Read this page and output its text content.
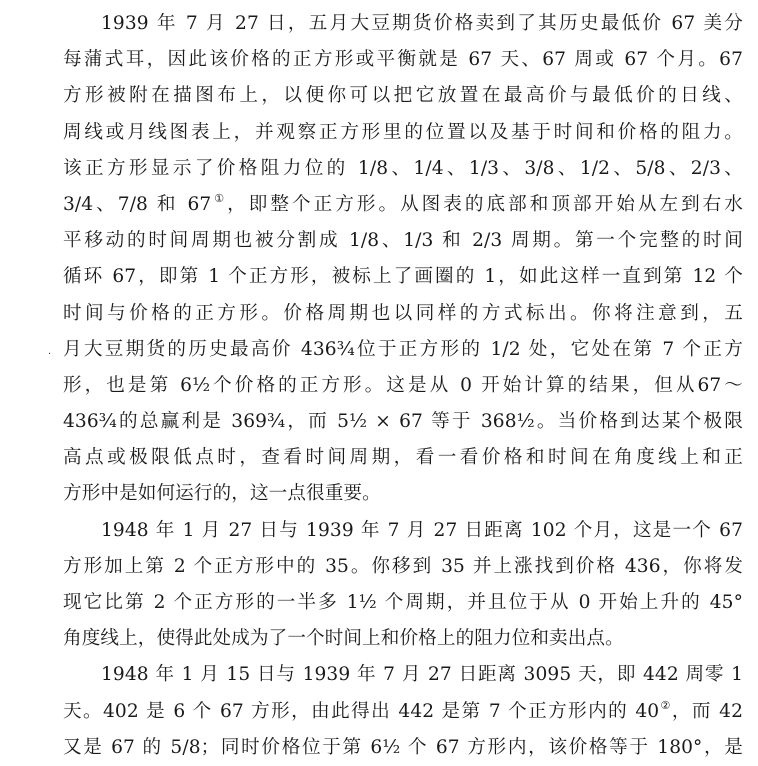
·
1939 年 7 月 27 日，五月大豆期货价格卖到了其历史最低价 67 美分
每蒲式耳，因此该价格的正方形或平衡就是 67 天、67 周或 67 个月。67
方形被附在描图布上，以便你可以把它放置在最高价与最低价的日线、
周线或月线图表上，并观察正方形里的位置以及基于时间和价格的阻力。
该正方形显示了价格阻力位的 1/8、1/4、1/3、3/8、1/2、5/8、2/3、
3/4、7/8 和 67①，即整个正方形。从图表的底部和顶部开始从左到右水
平移动的时间周期也被分割成 1/8、1/3 和 2/3 周期。第一个完整的时间
循环 67，即第 1 个正方形，被标上了画圈的 1，如此这样一直到第 12 个
时间与价格的正方形。价格周期也以同样的方式标出。你将注意到，五
月大豆期货的历史最高价 436¾位于正方形的 1/2 处，它处在第 7 个正方
形，也是第 6½个价格的正方形。这是从 0 开始计算的结果，但从67～
436¾的总赢利是 369¾，而 5½ × 67 等于 368½。当价格到达某个极限
高点或极限低点时，查看时间周期，看一看价格和时间在角度线上和正
方形中是如何运行的，这一点很重要。
1948 年 1 月 27 日与 1939 年 7 月 27 日距离 102 个月，这是一个 67
方形加上第 2 个正方形中的 35。你移到 35 并上涨找到价格 436，你将发
现它比第 2 个正方形的一半多 1½ 个周期，并且位于从 0 开始上升的 45°
角度线上，使得此处成为了一个时间上和价格上的阻力位和卖出点。
1948 年 1 月 15 日与 1939 年 7 月 27 日距离 3095 天，即 442 周零 1
天。402 是 6 个 67 方形，由此得出 442 是第 7 个正方形内的 40②，而 42
又是 67 的 5/8；同时价格位于第 6½ 个 67 方形内，该价格等于 180°，是
